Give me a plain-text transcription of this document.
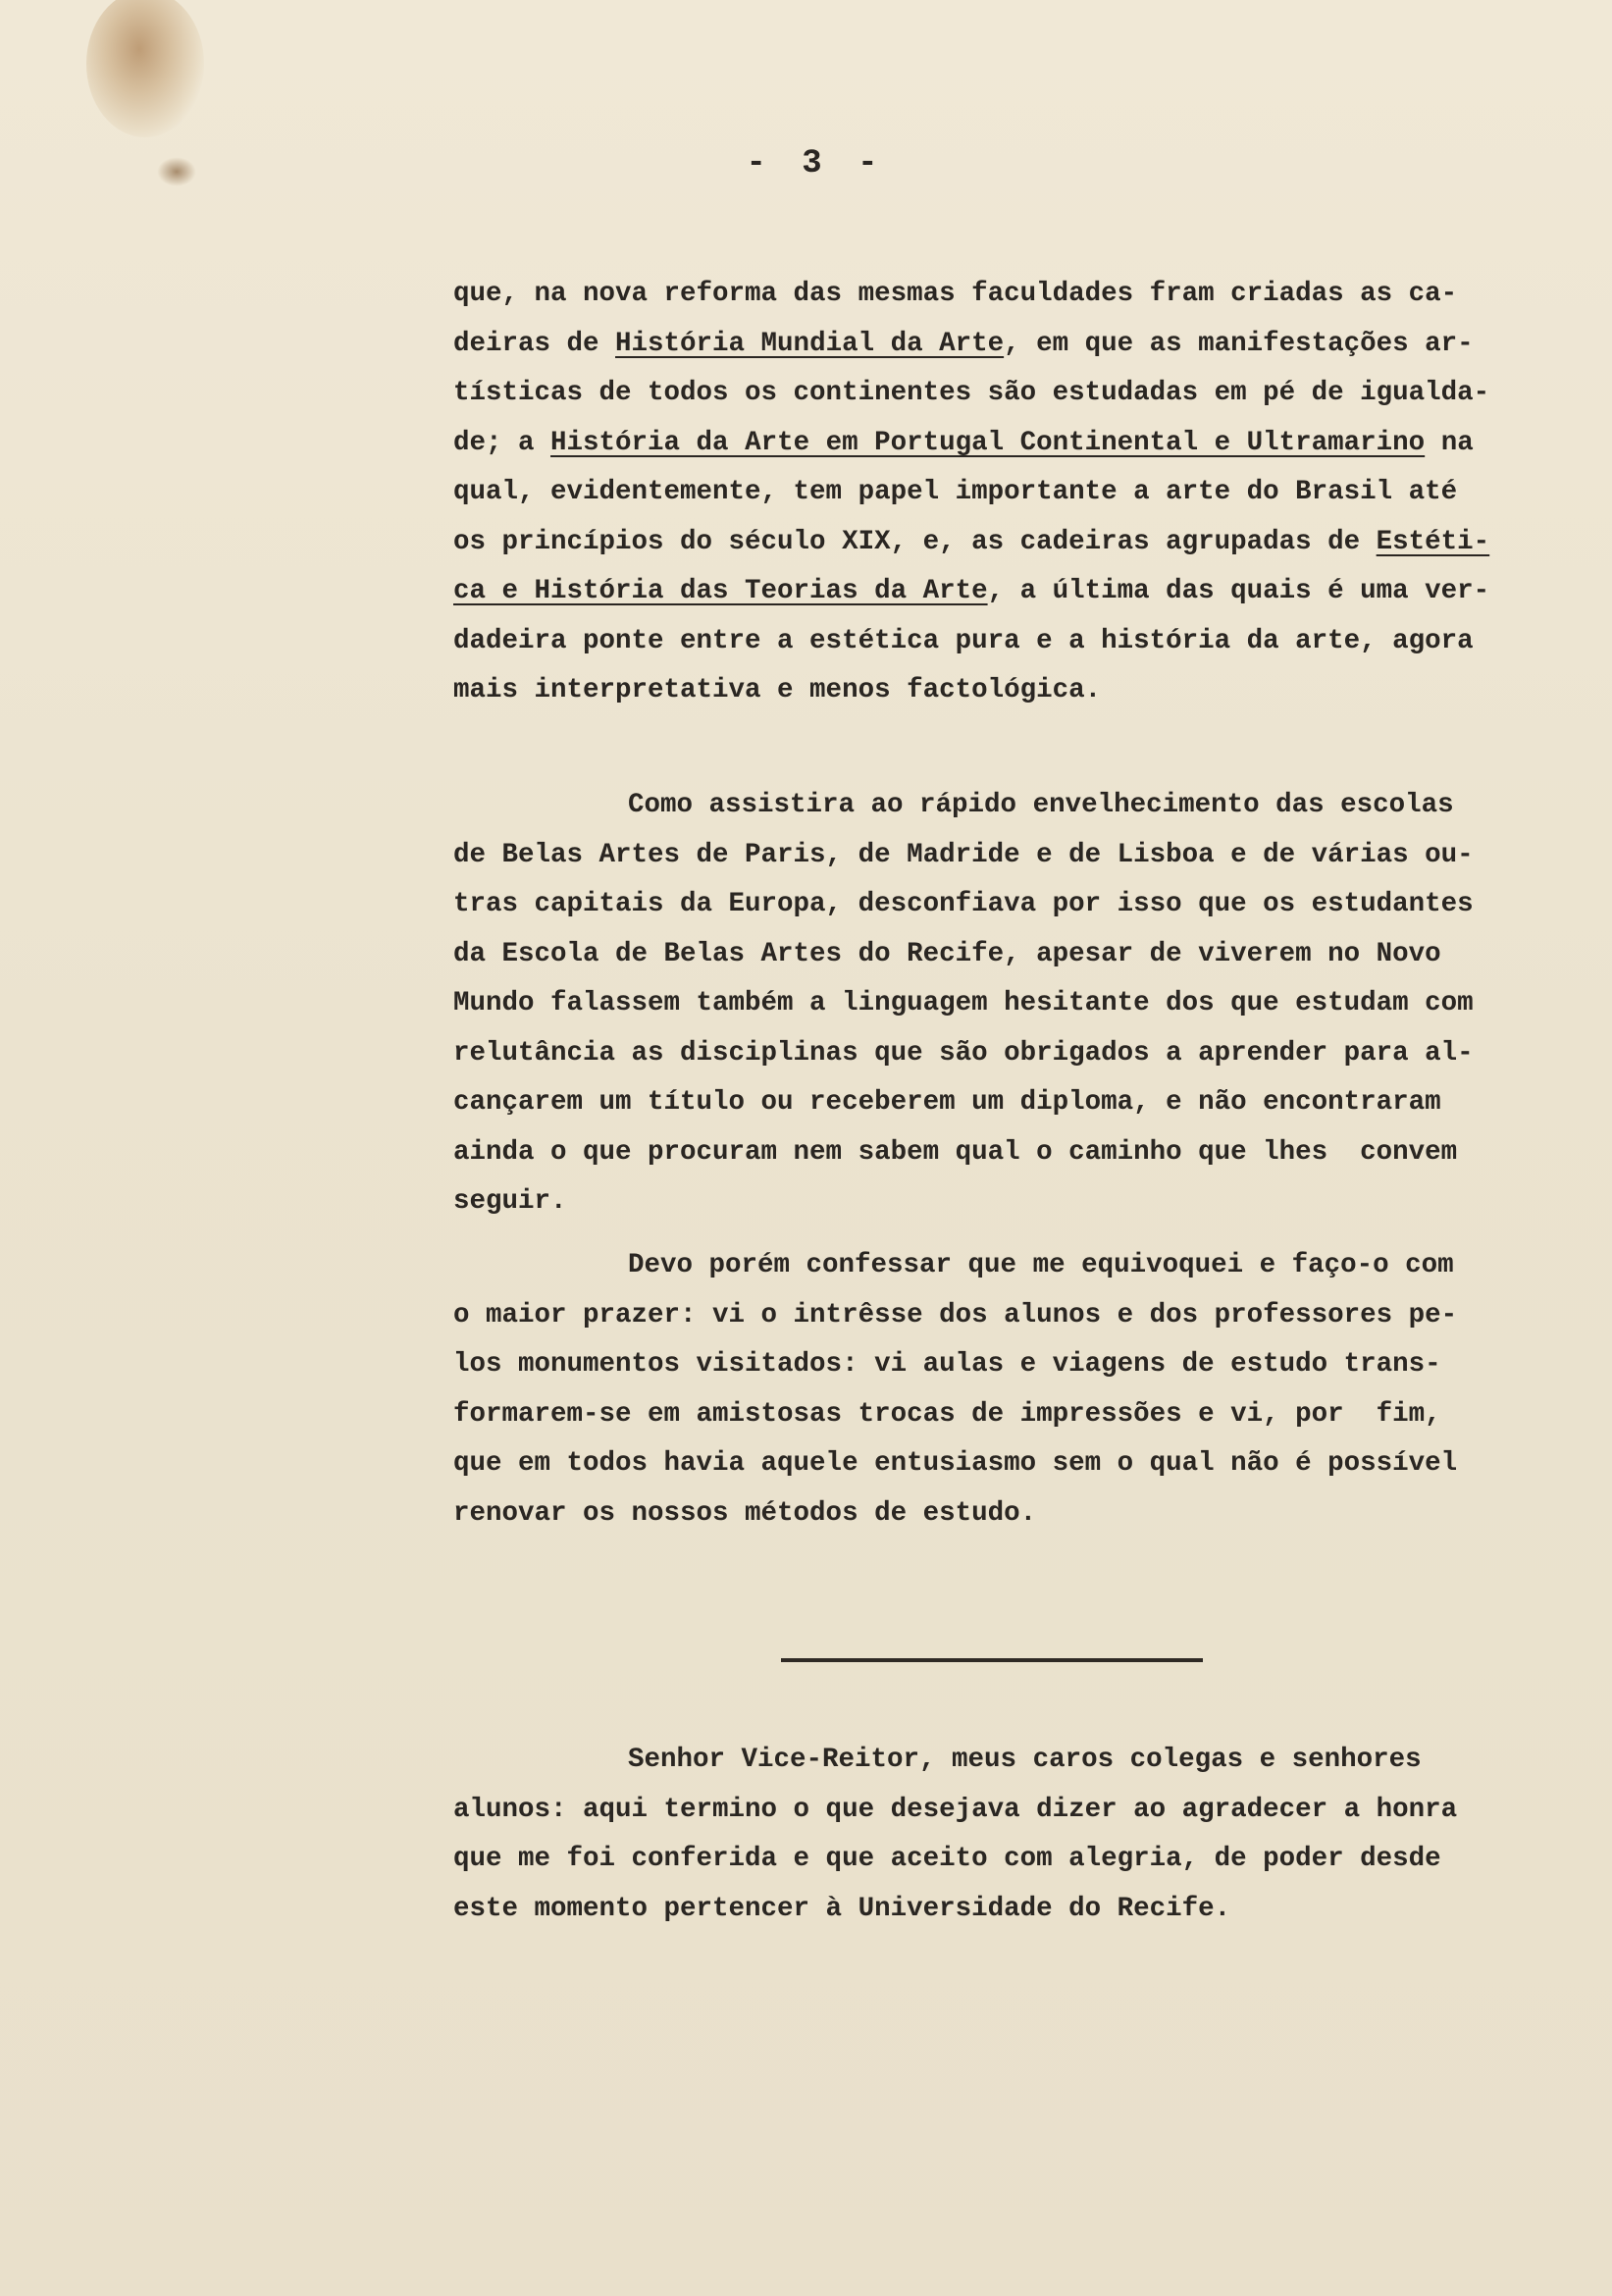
- 3 -
que, na nova reforma das mesmas faculdades fram criadas as ca-
deiras de História Mundial da Arte, em que as manifestações ar-
tísticas de todos os continentes são estudadas em pé de igualda-
de; a História da Arte em Portugal Continental e Ultramarino na
qual, evidentemente, tem papel importante a arte do Brasil até
os princípios do século XIX, e, as cadeiras agrupadas de Estéti-
ca e História das Teorias da Arte, a última das quais é uma ver-
dadeira ponte entre a estética pura e a história da arte, agora
mais interpretativa e menos factológica.
Como assistira ao rápido envelhecimento das escolas
de Belas Artes de Paris, de Madride e de Lisboa e de várias ou-
tras capitais da Europa, desconfiava por isso que os estudantes
da Escola de Belas Artes do Recife, apesar de viverem no Novo
Mundo falassem também a linguagem hesitante dos que estudam com
relutância as disciplinas que são obrigados a aprender para al-
cançarem um título ou receberem um diploma, e não encontraram
ainda o que procuram nem sabem qual o caminho que lhes  convem
seguir.
Devo porém confessar que me equivoquei e faço-o com
o maior prazer: vi o intrêsse dos alunos e dos professores pe-
los monumentos visitados: vi aulas e viagens de estudo trans-
formarem-se em amistosas trocas de impressões e vi, por  fim,
que em todos havia aquele entusiasmo sem o qual não é possível
renovar os nossos métodos de estudo.
Senhor Vice-Reitor, meus caros colegas e senhores
alunos: aqui termino o que desejava dizer ao agradecer a honra
que me foi conferida e que aceito com alegria, de poder desde
este momento pertencer à Universidade do Recife.
